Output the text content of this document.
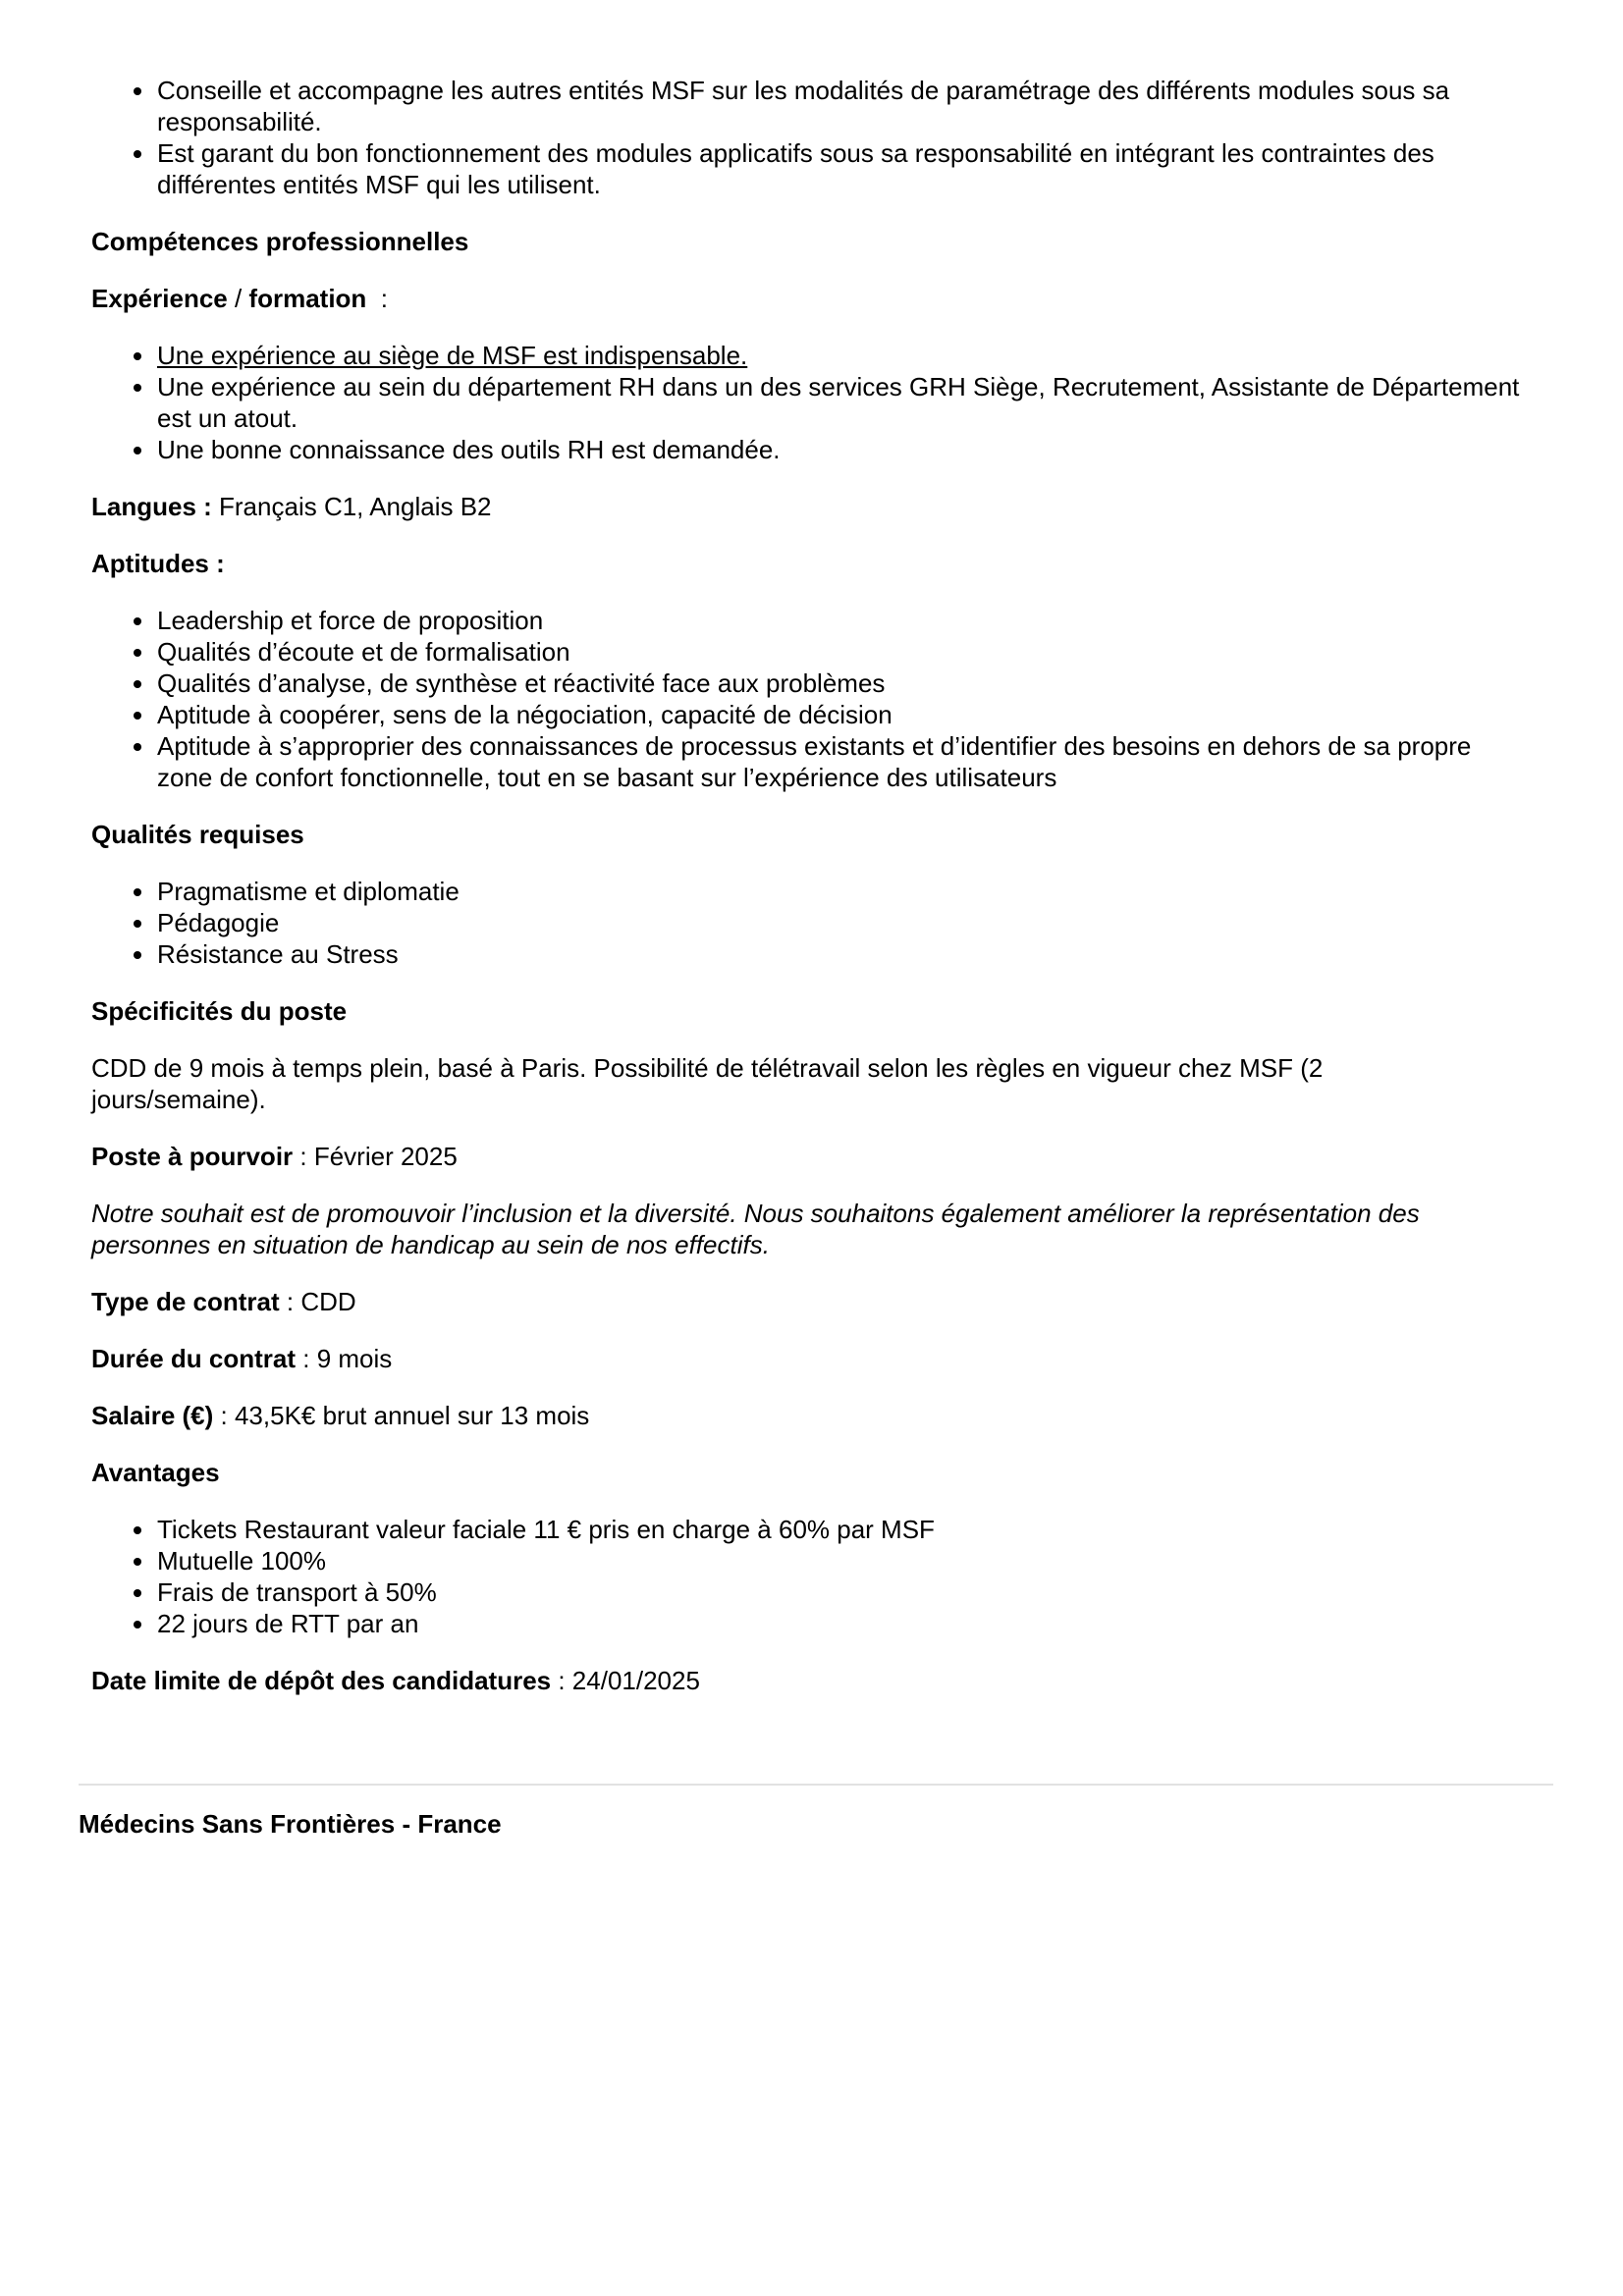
Conseille et accompagne les autres entités MSF sur les modalités de paramétrage des différents modules sous sa responsabilité.
Est garant du bon fonctionnement des modules applicatifs sous sa responsabilité en intégrant les contraintes des différentes entités MSF qui les utilisent.

Compétences professionnelles

Expérience / formation  :

Une expérience au siège de MSF est indispensable.
Une expérience au sein du département RH dans un des services GRH Siège, Recrutement, Assistante de Département est un atout.
Une bonne connaissance des outils RH est demandée.

Langues : Français C1, Anglais B2

Aptitudes :

Leadership et force de proposition
Qualités d’écoute et de formalisation
Qualités d’analyse, de synthèse et réactivité face aux problèmes
Aptitude à coopérer, sens de la négociation, capacité de décision
Aptitude à s’approprier des connaissances de processus existants et d’identifier des besoins en dehors de sa propre zone de confort fonctionnelle, tout en se basant sur l’expérience des utilisateurs

Qualités requises

Pragmatisme et diplomatie
Pédagogie
Résistance au Stress

Spécificités du poste

CDD de 9 mois à temps plein, basé à Paris. Possibilité de télétravail selon les règles en vigueur chez MSF (2 jours/semaine).

Poste à pourvoir : Février 2025

Notre souhait est de promouvoir l’inclusion et la diversité. Nous souhaitons également améliorer la représentation des personnes en situation de handicap au sein de nos effectifs.

Type de contrat : CDD

Durée du contrat : 9 mois

Salaire (€) : 43,5K€ brut annuel sur 13 mois

Avantages

Tickets Restaurant valeur faciale 11 € pris en charge à 60% par MSF
Mutuelle 100%
Frais de transport à 50%
22 jours de RTT par an

Date limite de dépôt des candidatures : 24/01/2025

Médecins Sans Frontières - France
